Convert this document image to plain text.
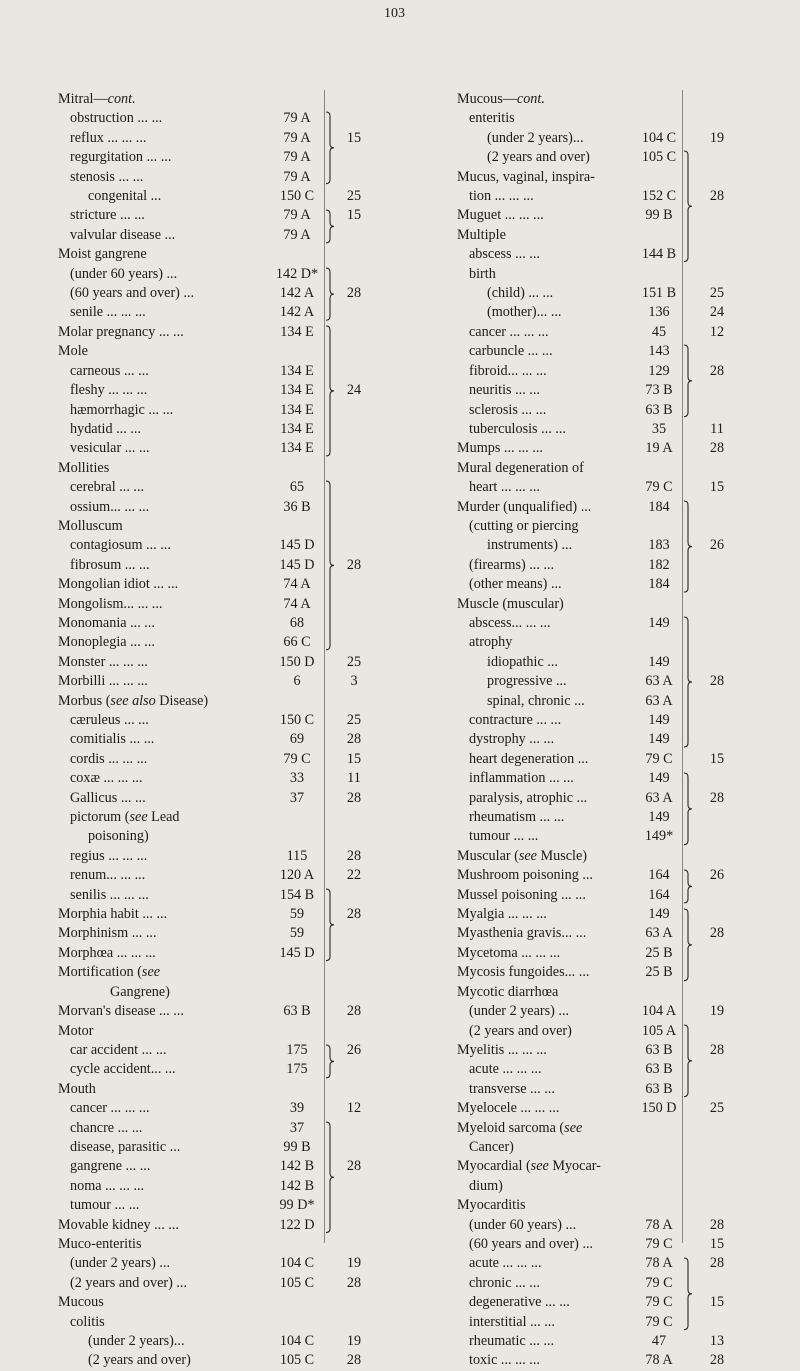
103
Mitral—cont.
obstruction ... ...	79 A
reflux ... ... ...	79 A	15
regurgitation ... ...	79 A
stenosis ... ...	79 A
congenital ...	150 C	25
stricture ... ...	79 A	15
valvular disease ...	79 A
Moist gangrene
(under 60 years) ...	142 D*
(60 years and over) ...	142 A	28
senile ... ... ...	142 A
Molar pregnancy ... ...	134 E
Mole
carneous ... ...	134 E
fleshy ... ... ...	134 E	24
hæmorrhagic ... ...	134 E
hydatid ... ...	134 E
vesicular ... ...	134 E
Mollities
cerebral ... ...	65
ossium... ... ...	36 B
Molluscum
contagiosum ... ...	145 D
fibrosum ... ...	145 D	28
Mongolian idiot ... ...	74 A
Mongolism... ... ...	74 A
Monomania ... ...	68
Monoplegia ... ...	66 C
Monster ... ... ...	150 D	25
Morbilli ... ... ...	6	3
Morbus (see also Disease)
cæruleus ... ...	150 C	25
comitialis ... ...	69	28
cordis ... ... ...	79 C	15
coxæ ... ... ...	33	11
Gallicus ... ...	37	28
pictorum (see Lead
poisoning)
regius ... ... ...	115	28
renum... ... ...	120 A	22
senilis ... ... ...	154 B
Morphia habit ... ...	59	28
Morphinism ... ...	59
Morphœa ... ... ...	145 D
Mortification (see
Gangrene)
Morvan's disease ... ...	63 B	28
Motor
car accident ... ...	175	26
cycle accident... ...	175
Mouth
cancer ... ... ...	39	12
chancre ... ...	37
disease, parasitic ...	99 B
gangrene ... ...	142 B	28
noma ... ... ...	142 B
tumour ... ...	99 D*
Movable kidney ... ...	122 D
Muco-enteritis
(under 2 years) ...	104 C	19
(2 years and over) ...	105 C	28
Mucous
colitis
(under 2 years)...	104 C	19
(2 years and over)	105 C	28
Mucous—cont.
enteritis
(under 2 years)...	104 C	19
(2 years and over)	105 C
Mucus, vaginal, inspira-
tion ... ... ...	152 C	28
Muguet ... ... ...	99 B
Multiple
abscess ... ...	144 B
birth
(child) ... ...	151 B	25
(mother)... ...	136	24
cancer ... ... ...	45	12
carbuncle ... ...	143
fibroid... ... ...	129	28
neuritis ... ...	73 B
sclerosis ... ...	63 B
tuberculosis ... ...	35	11
Mumps ... ... ...	19 A	28
Mural degeneration of
heart ... ... ...	79 C	15
Murder (unqualified) ...	184
(cutting or piercing
instruments) ...	183	26
(firearms) ... ...	182
(other means) ...	184
Muscle (muscular)
abscess... ... ...	149
atrophy
idiopathic ...	149
progressive ...	63 A	28
spinal, chronic ...	63 A
contracture ... ...	149
dystrophy ... ...	149
heart degeneration ...	79 C	15
inflammation ... ...	149
paralysis, atrophic ...	63 A	28
rheumatism ... ...	149
tumour ... ...	149*
Muscular (see Muscle)
Mushroom poisoning ...	164	26
Mussel poisoning ... ...	164
Myalgia ... ... ...	149
Myasthenia gravis... ...	63 A	28
Mycetoma ... ... ...	25 B
Mycosis fungoides... ...	25 B
Mycotic diarrhœa
(under 2 years) ...	104 A	19
(2 years and over)	105 A
Myelitis ... ... ...	63 B	28
acute ... ... ...	63 B
transverse ... ...	63 B
Myelocele ... ... ...	150 D	25
Myeloid sarcoma (see
Cancer)
Myocardial (see Myocar-
dium)
Myocarditis
(under 60 years) ...	78 A	28
(60 years and over) ...	79 C	15
acute ... ... ...	78 A	28
chronic ... ...	79 C
degenerative ... ...	79 C	15
interstitial ... ...	79 C
rheumatic ... ...	47	13
toxic ... ... ...	78 A	28
